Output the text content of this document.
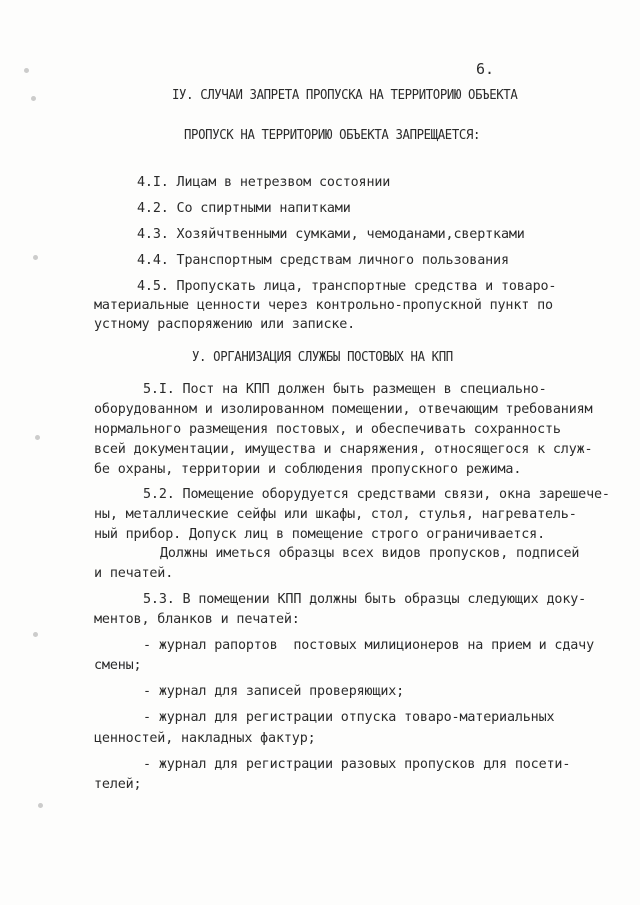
6.
IУ. СЛУЧАИ ЗАПРЕТА ПРОПУСКА НА ТЕРРИТОРИЮ ОБЪЕКТА
ПРОПУСК НА ТЕРРИТОРИЮ ОБЪЕКТА ЗАПРЕЩАЕТСЯ:
4.I. Лицам в нетрезвом состоянии
4.2. Со спиртными напитками
4.3. Хозяйчтвенными сумками, чемоданами,свертками
4.4. Транспортным средствам личного пользования
4.5. Пропускать лица, транспортные средства и товаро-
материальные ценности через контрольно-пропускной пункт по
устному распоряжению или записке.
У. ОРГАНИЗАЦИЯ СЛУЖБЫ ПОСТОВЫХ НА КПП
5.I. Пост на КПП должен быть размещен в специально-
оборудованном и изолированном помещении, отвечающим требованиям
нормального размещения постовых, и обеспечивать сохранность
всей документации, имущества и снаряжения, относящегося к служ-
бе охраны, территории и соблюдения пропускного режима.
5.2. Помещение оборудуется средствами связи, окна зарешече-
ны, металлические сейфы или шкафы, стол, стулья, нагреватель-
ный прибор. Допуск лиц в помещение строго ограничивается.
Должны иметься образцы всех видов пропусков, подписей
и печатей.
5.3. В помещении КПП должны быть образцы следующих доку-
ментов, бланков и печатей:
- журнал рапортов  постовых милиционеров на прием и сдачу
смены;
- журнал для записей проверяющих;
- журнал для регистрации отпуска товаро-материальных
ценностей, накладных фактур;
- журнал для регистрации разовых пропусков для посети-
телей;
